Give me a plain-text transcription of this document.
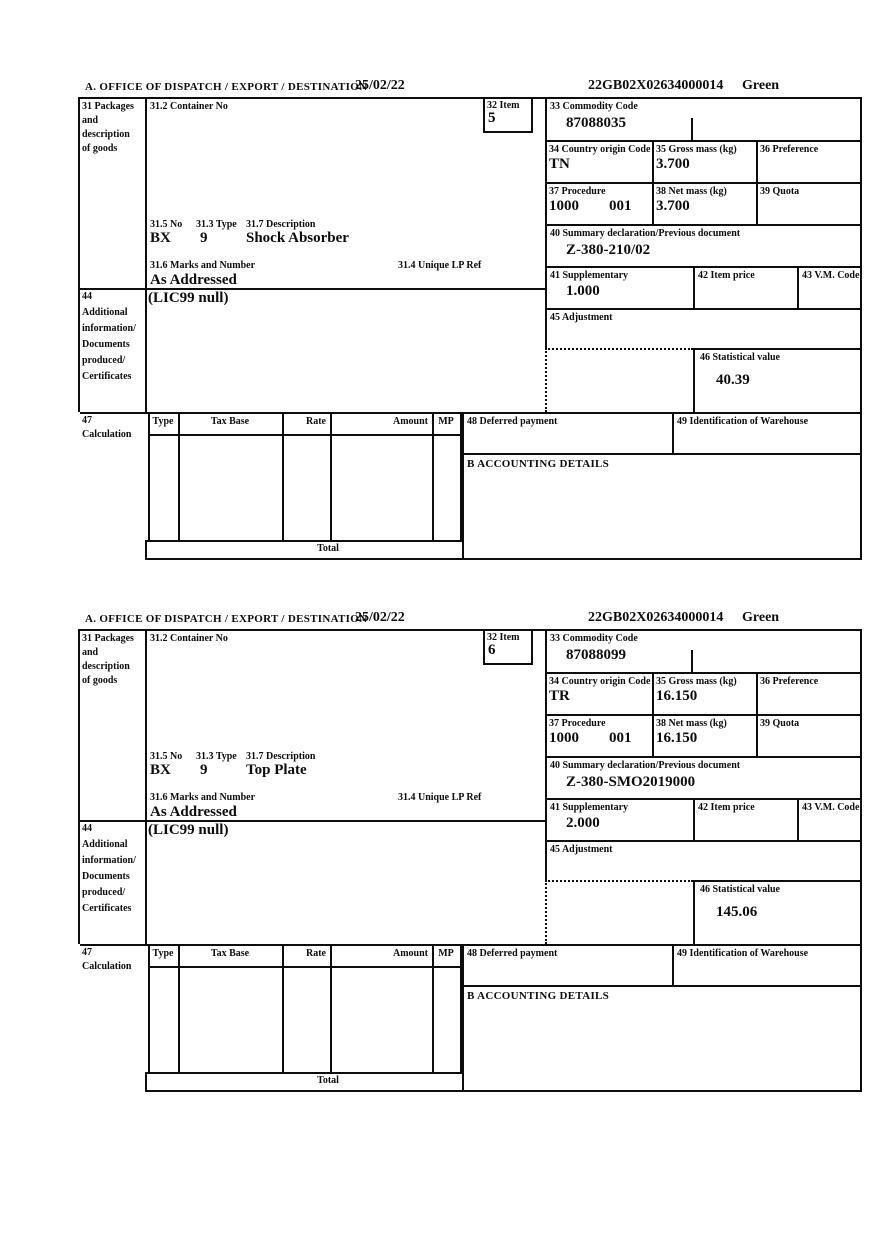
A. OFFICE OF DISPATCH / EXPORT / DESTINATION
25/02/22	22GB02X02634000014 Green
31 Packages
and
description
of goods
31.2 Container No
31.5 No 31.3 Type 31.7 Description
BX 9	Shock Absorber
31.6 Marks and Number	31.4 Unique LP Ref
As Addressed
32 Item
5
33 Commodity Code
87088035
34 Country origin Code
TN
35 Gross mass (kg)
3.700
36 Preference
37 Procedure
1000 001
38 Net mass (kg)
3.700
39 Quota
40 Summary declaration/Previous document
Z-380-210/02
41 Supplementary
1.000
42 Item price	43 V.M. Code
45 Adjustment
46 Statistical value
40.39
44
Additional
information/
Documents
produced/
Certificates
(LIC99 null)
47
Calculation
Type	Tax Base	Rate	Amount	MP
Total
48 Deferred payment	49 Identification of Warehouse
B ACCOUNTING DETAILS
A. OFFICE OF DISPATCH / EXPORT / DESTINATION
25/02/22	22GB02X02634000014 Green
31 Packages
and
description
of goods
31.2 Container No
31.5 No 31.3 Type 31.7 Description
BX 9	Top Plate
31.6 Marks and Number	31.4 Unique LP Ref
As Addressed
32 Item
6
33 Commodity Code
87088099
34 Country origin Code
TR
35 Gross mass (kg)
16.150
36 Preference
37 Procedure
1000 001
38 Net mass (kg)
16.150
39 Quota
40 Summary declaration/Previous document
Z-380-SMO2019000
41 Supplementary
2.000
42 Item price	43 V.M. Code
45 Adjustment
46 Statistical value
145.06
44
Additional
information/
Documents
produced/
Certificates
(LIC99 null)
47
Calculation
Type	Tax Base	Rate	Amount	MP
Total
48 Deferred payment	49 Identification of Warehouse
B ACCOUNTING DETAILS
